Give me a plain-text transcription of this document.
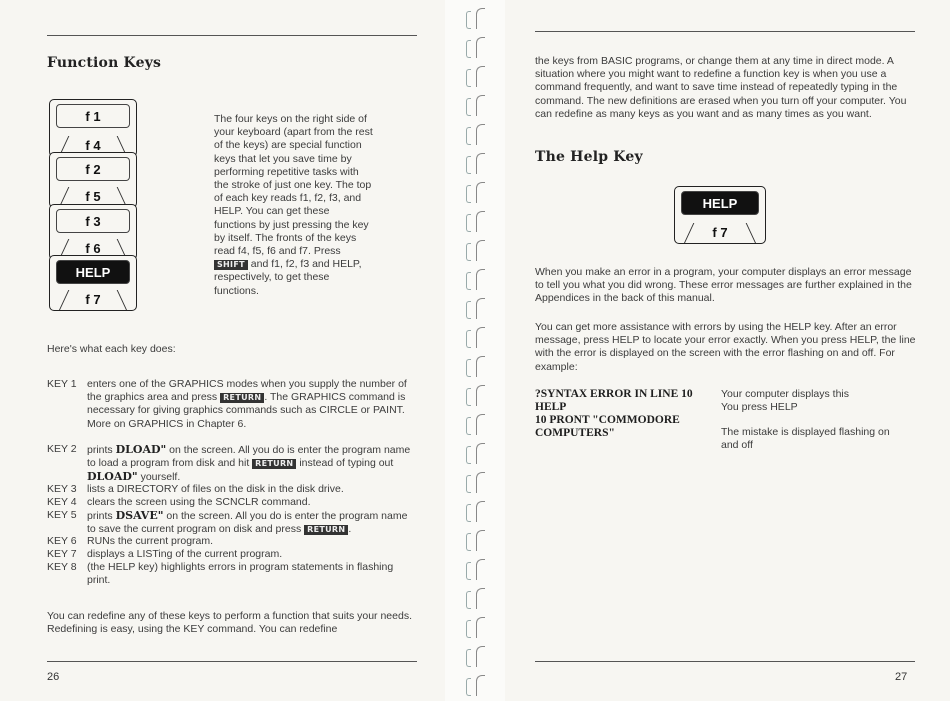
Function Keys
f 1
f 4
f 2
f 5
f 3
f 6
HELP
f 7

The four keys on the right side of your keyboard (apart from the rest of the keys) are special function keys that let you save time by performing repetitive tasks with the stroke of just one key. The top of each key reads f1, f2, f3, and HELP. You can get these functions by just pressing the key by itself. The fronts of the keys read f4, f5, f6 and f7. Press SHIFT and f1, f2, f3 and HELP, respectively, to get these functions.

Here's what each key does:

KEY 1 enters one of the GRAPHICS modes when you supply the number of the graphics area and press RETURN . The GRAPHICS command is necessary for giving graphics commands such as CIRCLE or PAINT. More on GRAPHICS in Chapter 6.

KEY 2 prints DLOAD" on the screen. All you do is enter the program name to load a program from disk and hit RETURN instead of typing out DLOAD" yourself.

KEY 3 lists a DIRECTORY of files on the disk in the disk drive.

KEY 4 clears the screen using the SCNCLR command.

KEY 5 prints DSAVE" on the screen. All you do is enter the program name to save the current program on disk and press RETURN .

KEY 6 RUNs the current program.

KEY 7 displays a LISTing of the current program.

KEY 8 (the HELP key) highlights errors in program statements in flashing print.

You can redefine any of these keys to perform a function that suits your needs. Redefining is easy, using the KEY command. You can redefine

26

the keys from BASIC programs, or change them at any time in direct mode. A situation where you might want to redefine a function key is when you use a command frequently, and want to save time instead of repeatedly typing in the command. The new definitions are erased when you turn off your computer. You can redefine as many keys as you want and as many times as you want.

The Help Key
HELP
f 7

When you make an error in a program, your computer displays an error message to tell you what you did wrong. These error messages are further explained in the Appendices in the back of this manual.

You can get more assistance with errors by using the HELP key. After an error message, press HELP to locate your error exactly. When you press HELP, the line with the error is displayed on the screen with the error flashing on and off. For example:

?SYNTAX ERROR IN LINE 10

HELP

10 PRONT "COMMODORE

COMPUTERS"

Your computer displays this

You press HELP

The mistake is displayed flashing on and off

27
